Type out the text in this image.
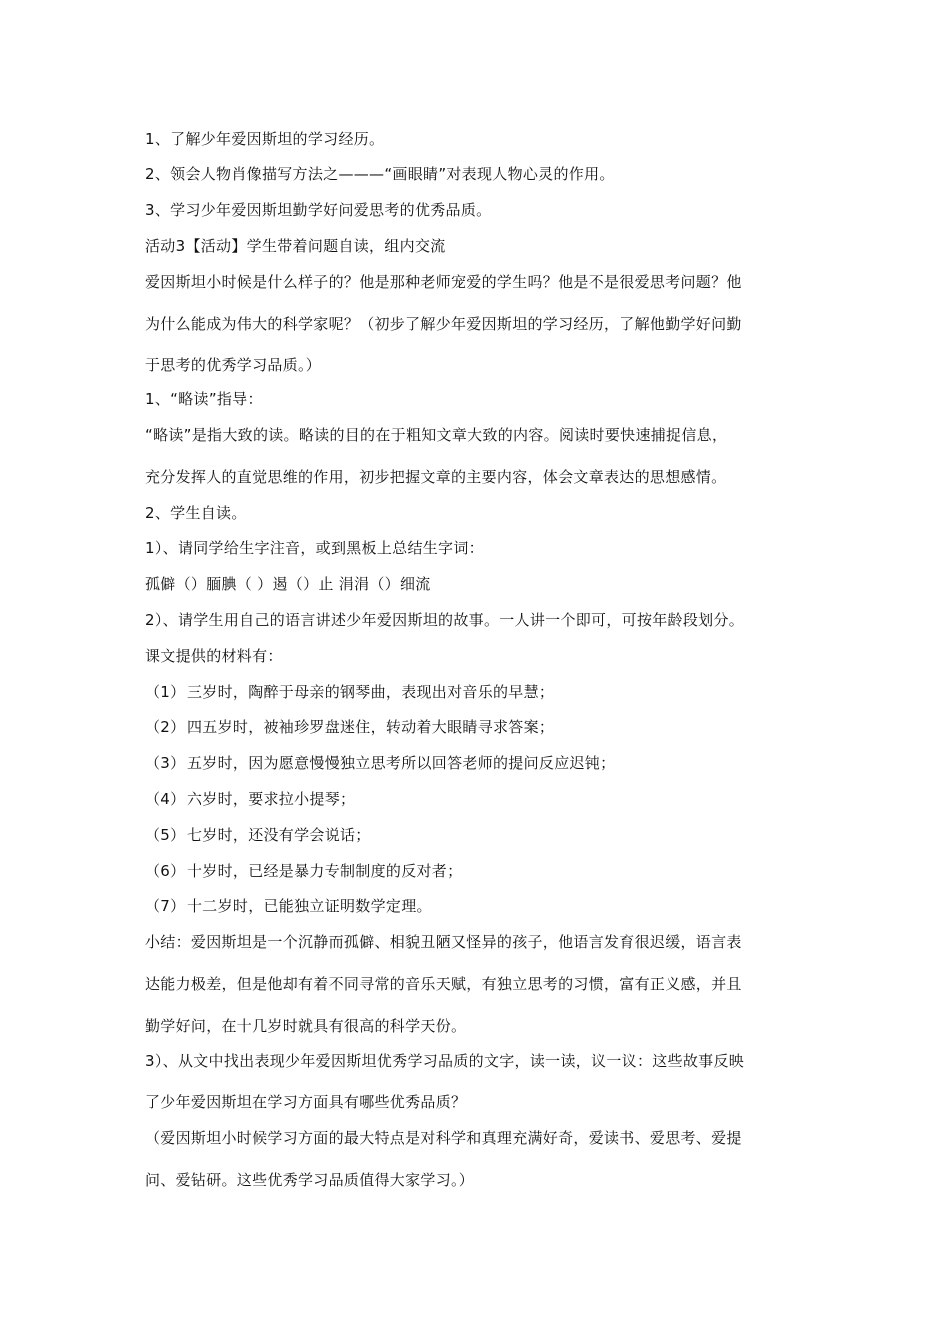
1、了解少年爱因斯坦的学习经历。
2、领会人物肖像描写方法之———“画眼睛”对表现人物心灵的作用。
3、学习少年爱因斯坦勤学好问爱思考的优秀品质。
活动3【活动】学生带着问题自读，组内交流
爱因斯坦小时候是什么样子的？他是那种老师宠爱的学生吗？他是不是很爱思考问题？他
为什么能成为伟大的科学家呢？（初步了解少年爱因斯坦的学习经历，了解他勤学好问勤
于思考的优秀学习品质。）
1、“略读”指导：
“略读”是指大致的读。略读的目的在于粗知文章大致的内容。阅读时要快速捕捉信息，
充分发挥人的直觉思维的作用，初步把握文章的主要内容，体会文章表达的思想感情。
2、学生自读。
1）、请同学给生字注音，或到黑板上总结生字词：
孤僻（）腼腆（ ）遏（）止 涓涓（）细流
2）、请学生用自己的语言讲述少年爱因斯坦的故事。一人讲一个即可，可按年龄段划分。
课文提供的材料有：
（1） 三岁时，陶醉于母亲的钢琴曲，表现出对音乐的早慧；
（2） 四五岁时，被袖珍罗盘迷住，转动着大眼睛寻求答案；
（3） 五岁时，因为愿意慢慢独立思考所以回答老师的提问反应迟钝；
（4） 六岁时，要求拉小提琴；
（5） 七岁时，还没有学会说话；
（6） 十岁时，已经是暴力专制制度的反对者；
（7） 十二岁时，已能独立证明数学定理。
小结：爱因斯坦是一个沉静而孤僻、相貌丑陋又怪异的孩子，他语言发育很迟缓，语言表
达能力极差，但是他却有着不同寻常的音乐天赋，有独立思考的习惯，富有正义感，并且
勤学好问，在十几岁时就具有很高的科学天份。
3）、从文中找出表现少年爱因斯坦优秀学习品质的文字，读一读，议一议：这些故事反映
了少年爱因斯坦在学习方面具有哪些优秀品质？
（爱因斯坦小时候学习方面的最大特点是对科学和真理充满好奇，爱读书、爱思考、爱提
问、爱钻研。这些优秀学习品质值得大家学习。）
